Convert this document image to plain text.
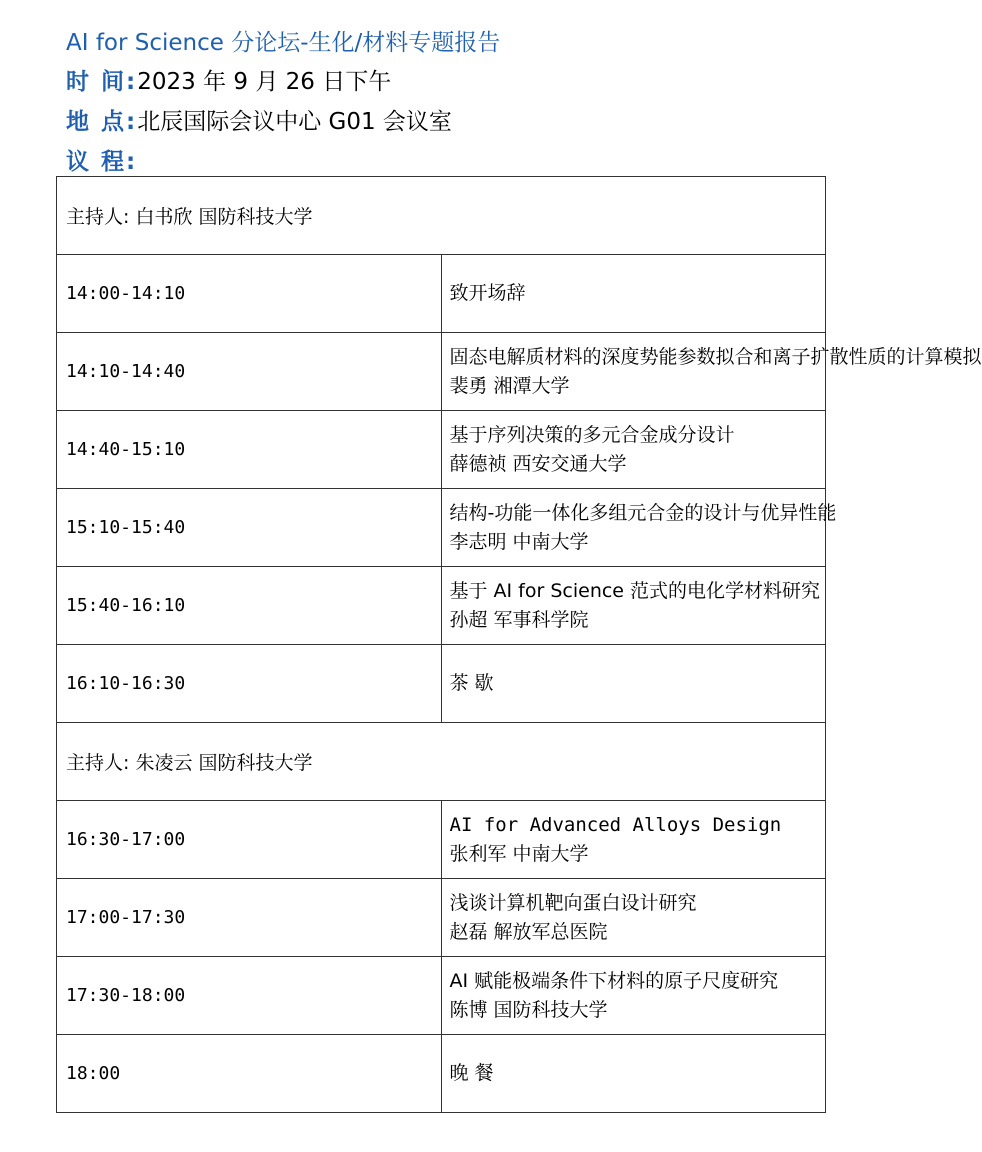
AI for Science 分论坛-生化/材料专题报告
时 间:2023 年 9 月 26 日下午
地 点:北辰国际会议中心 G01 会议室
议 程:
主持人: 白书欣 国防科技大学	
14:00-14:10	致开场辞

14:10-14:40	固态电解质材料的深度势能参数拟合和离子扩散性质的计算模拟
裴勇 湘潭大学

14:40-15:10	基于序列决策的多元合金成分设计
薛德祯 西安交通大学

15:10-15:40	结构-功能一体化多组元合金的设计与优异性能
李志明 中南大学

15:40-16:10	基于 AI for Science 范式的电化学材料研究
孙超 军事科学院

16:10-16:30	茶 歇

主持人: 朱凌云 国防科技大学	
16:30-17:00	AI for Advanced Alloys Design
张利军 中南大学

17:00-17:30	浅谈计算机靶向蛋白设计研究
赵磊 解放军总医院

17:30-18:00	AI 赋能极端条件下材料的原子尺度研究
陈博 国防科技大学

18:00	晚 餐
